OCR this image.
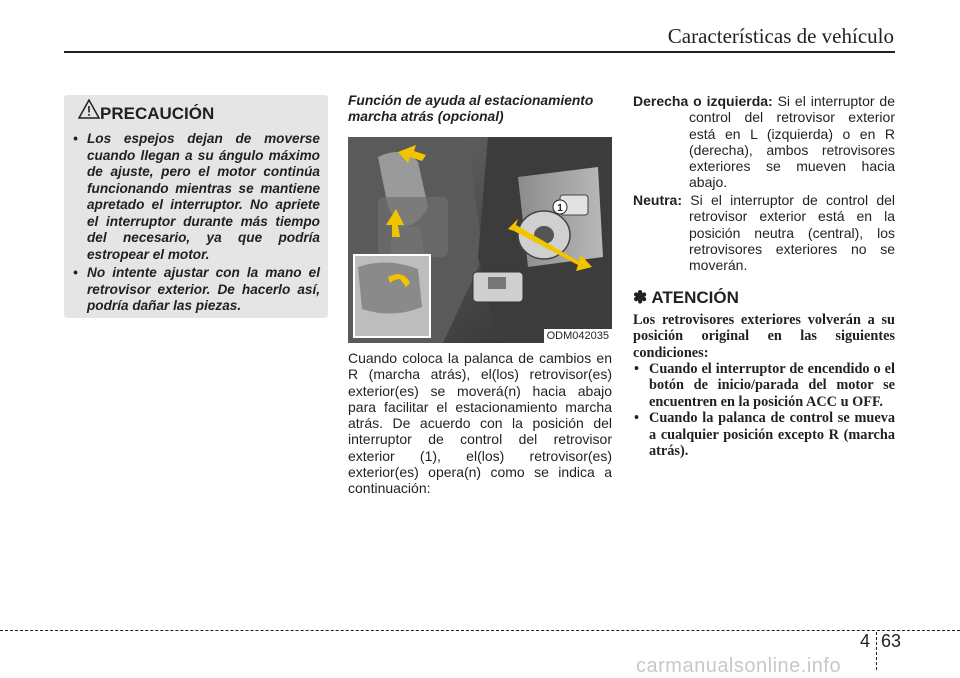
Características de vehículo
PRECAUCIÓN
• Los espejos dejan de moverse cuando llegan a su ángulo máximo de ajuste, pero el motor continúa funcionando mientras se mantiene apretado el interruptor. No apriete el interruptor durante más tiempo del necesario, ya que podría estropear el motor.
• No intente ajustar con la mano el retrovisor exterior. De hacerlo así, podría dañar las piezas.
Función de ayuda al estacionamiento marcha atrás (opcional)
1
ODM042035

Cuando coloca la palanca de cambios en R (marcha atrás), el(los) retrovisor(es) exterior(es) se moverá(n) hacia abajo para facilitar el estacionamiento marcha atrás. De acuerdo con la posición del interruptor de control del retrovisor exterior (1), el(los) retrovisor(es) exterior(es) opera(n) como se indica a continuación:

Derecha o izquierda: Si el interruptor de control del retrovisor exterior está en L (izquierda) o en R (derecha), ambos retrovisores exteriores se mueven hacia abajo.
Neutra: Si el interruptor de control del retrovisor exterior está en la posición neutra (central), los retrovisores exteriores no se moverán.
✽ ATENCIÓN

Los retrovisores exteriores volverán a su posición original en las siguientes condiciones:

• Cuando el interruptor de encendido o el botón de inicio/parada del motor se encuentren en la posición ACC u OFF.
• Cuando la palanca de control se mueva a cualquier posición excepto R (marcha atrás).
4 63
carmanualsonline.info
